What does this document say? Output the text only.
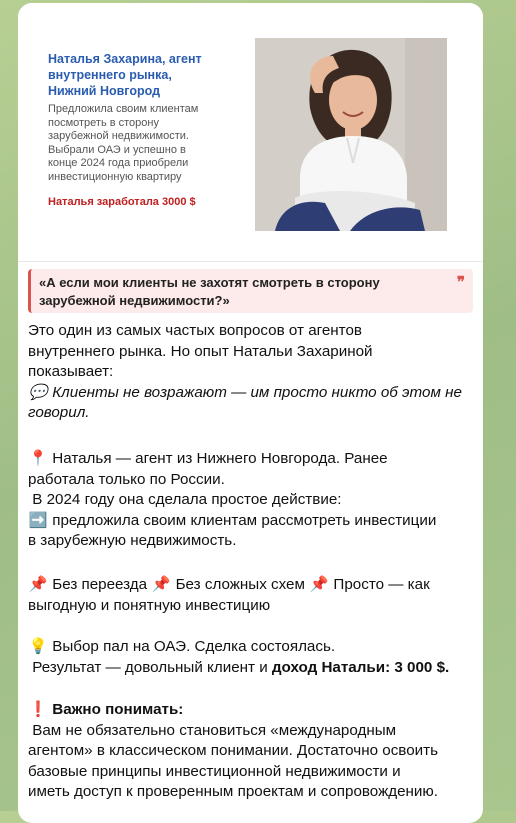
Наталья Захарина, агент
внутреннего рынка,
Нижний Новгород
Предложила своим клиентам
посмотреть в сторону
зарубежной недвижимости.
Выбрали ОАЭ и успешно в
конце 2024 года приобрели
инвестиционную квартиру
Наталья заработала 3000 $
«А если мои клиенты не захотят смотреть в сторону
зарубежной недвижимости?»
❞
Это один из самых частых вопросов от агентов
внутреннего рынка. Но опыт Натальи Захариной
показывает:
💬 Клиенты не возражают — им просто никто об этом не
говорил.
📍 Наталья — агент из Нижнего Новгорода. Ранее
работала только по России.
В 2024 году она сделала простое действие:
➡️ предложила своим клиентам рассмотреть инвестиции
в зарубежную недвижимость.
📌 Без переезда 📌 Без сложных схем 📌 Просто — как
выгодную и понятную инвестицию
💡 Выбор пал на ОАЭ. Сделка состоялась.
Результат — довольный клиент и доход Натальи: 3 000 $.
❗ Важно понимать:
Вам не обязательно становиться «международным
агентом» в классическом понимании. Достаточно освоить
базовые принципы инвестиционной недвижимости и
иметь доступ к проверенным проектам и сопровождению.
